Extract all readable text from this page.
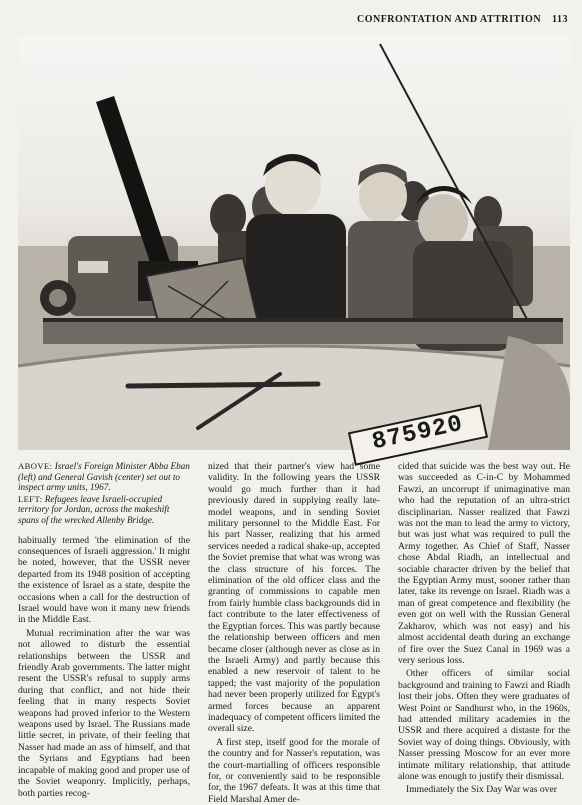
CONFRONTATION AND ATTRITION 113
875920
ABOVE: Israel's Foreign Minister Abba Eban (left) and General Gavish (center) set out to inspect army units, 1967.
LEFT: Refugees leave Israeli-occupied territory for Jordan, across the makeshift spans of the wrecked Allenby Bridge.

habitually termed 'the elimination of the consequences of Israeli aggression.' It might be noted, however, that the USSR never departed from its 1948 position of accepting the existence of Israel as a state, despite the occasions when a call for the destruction of Israel would have won it many new friends in the Middle East.

Mutual recrimination after the war was not allowed to disturb the essential relationships between the USSR and friendly Arab governments. The latter might resent the USSR's refusal to supply arms during that conflict, and not hide their feeling that in many respects Soviet weapons had proved inferior to the Western weapons used by Israel. The Russians made little secret, in private, of their feeling that Nasser had made an ass of himself, and that the Syrians and Egyptians had been incapable of making good and proper use of the Soviet weaponry. Implicitly, perhaps, both parties recog-

nized that their partner's view had some validity. In the following years the USSR would go much further than it had previously dared in supplying really late-model weapons, and in sending Soviet military personnel to the Middle East. For his part Nasser, realizing that his armed services needed a radical shake-up, accepted the Soviet premise that what was wrong was the class structure of his forces. The elimination of the old officer class and the granting of commissions to capable men from fairly humble class backgrounds did in fact contribute to the later effectiveness of the Egyptian forces. This was partly because the relationship between officers and men became closer (although never as close as in the Israeli Army) and partly because this enabled a new reservoir of talent to be tapped; the vast majority of the population had never been properly utilized for Egypt's armed forces because an apparent inadequacy of competent officers limited the overall size.

A first step, itself good for the morale of the country and for Nasser's reputation, was the court-martialling of officers responsible for, or conveniently said to be responsible for, the 1967 defeats. It was at this time that Field Marshal Amer de-

cided that suicide was the best way out. He was succeeded as C-in-C by Mohammed Fawzi, an uncorrupt if unimaginative man who had the reputation of an ultra-strict disciplinarian. Nasser realized that Fawzi was not the man to lead the army to victory, but was just what was required to pull the Army together. As Chief of Staff, Nasser chose Abdal Riadh, an intellectual and sociable character driven by the belief that the Egyptian Army must, sooner rather than later, take its revenge on Israel. Riadh was a man of great competence and flexibility (he even got on well with the Russian General Zakharov, which was not easy) and his almost accidental death during an exchange of fire over the Suez Canal in 1969 was a very serious loss.

Other officers of similar social background and training to Fawzi and Riadh lost their jobs. Often they were graduates of West Point or Sandhurst who, in the 1960s, had attended military academies in the USSR and there acquired a distaste for the Soviet way of doing things. Obviously, with Nasser pressing Moscow for an ever more intimate military relationship, that attitude alone was enough to justify their dismissal.

Immediately the Six Day War was over
